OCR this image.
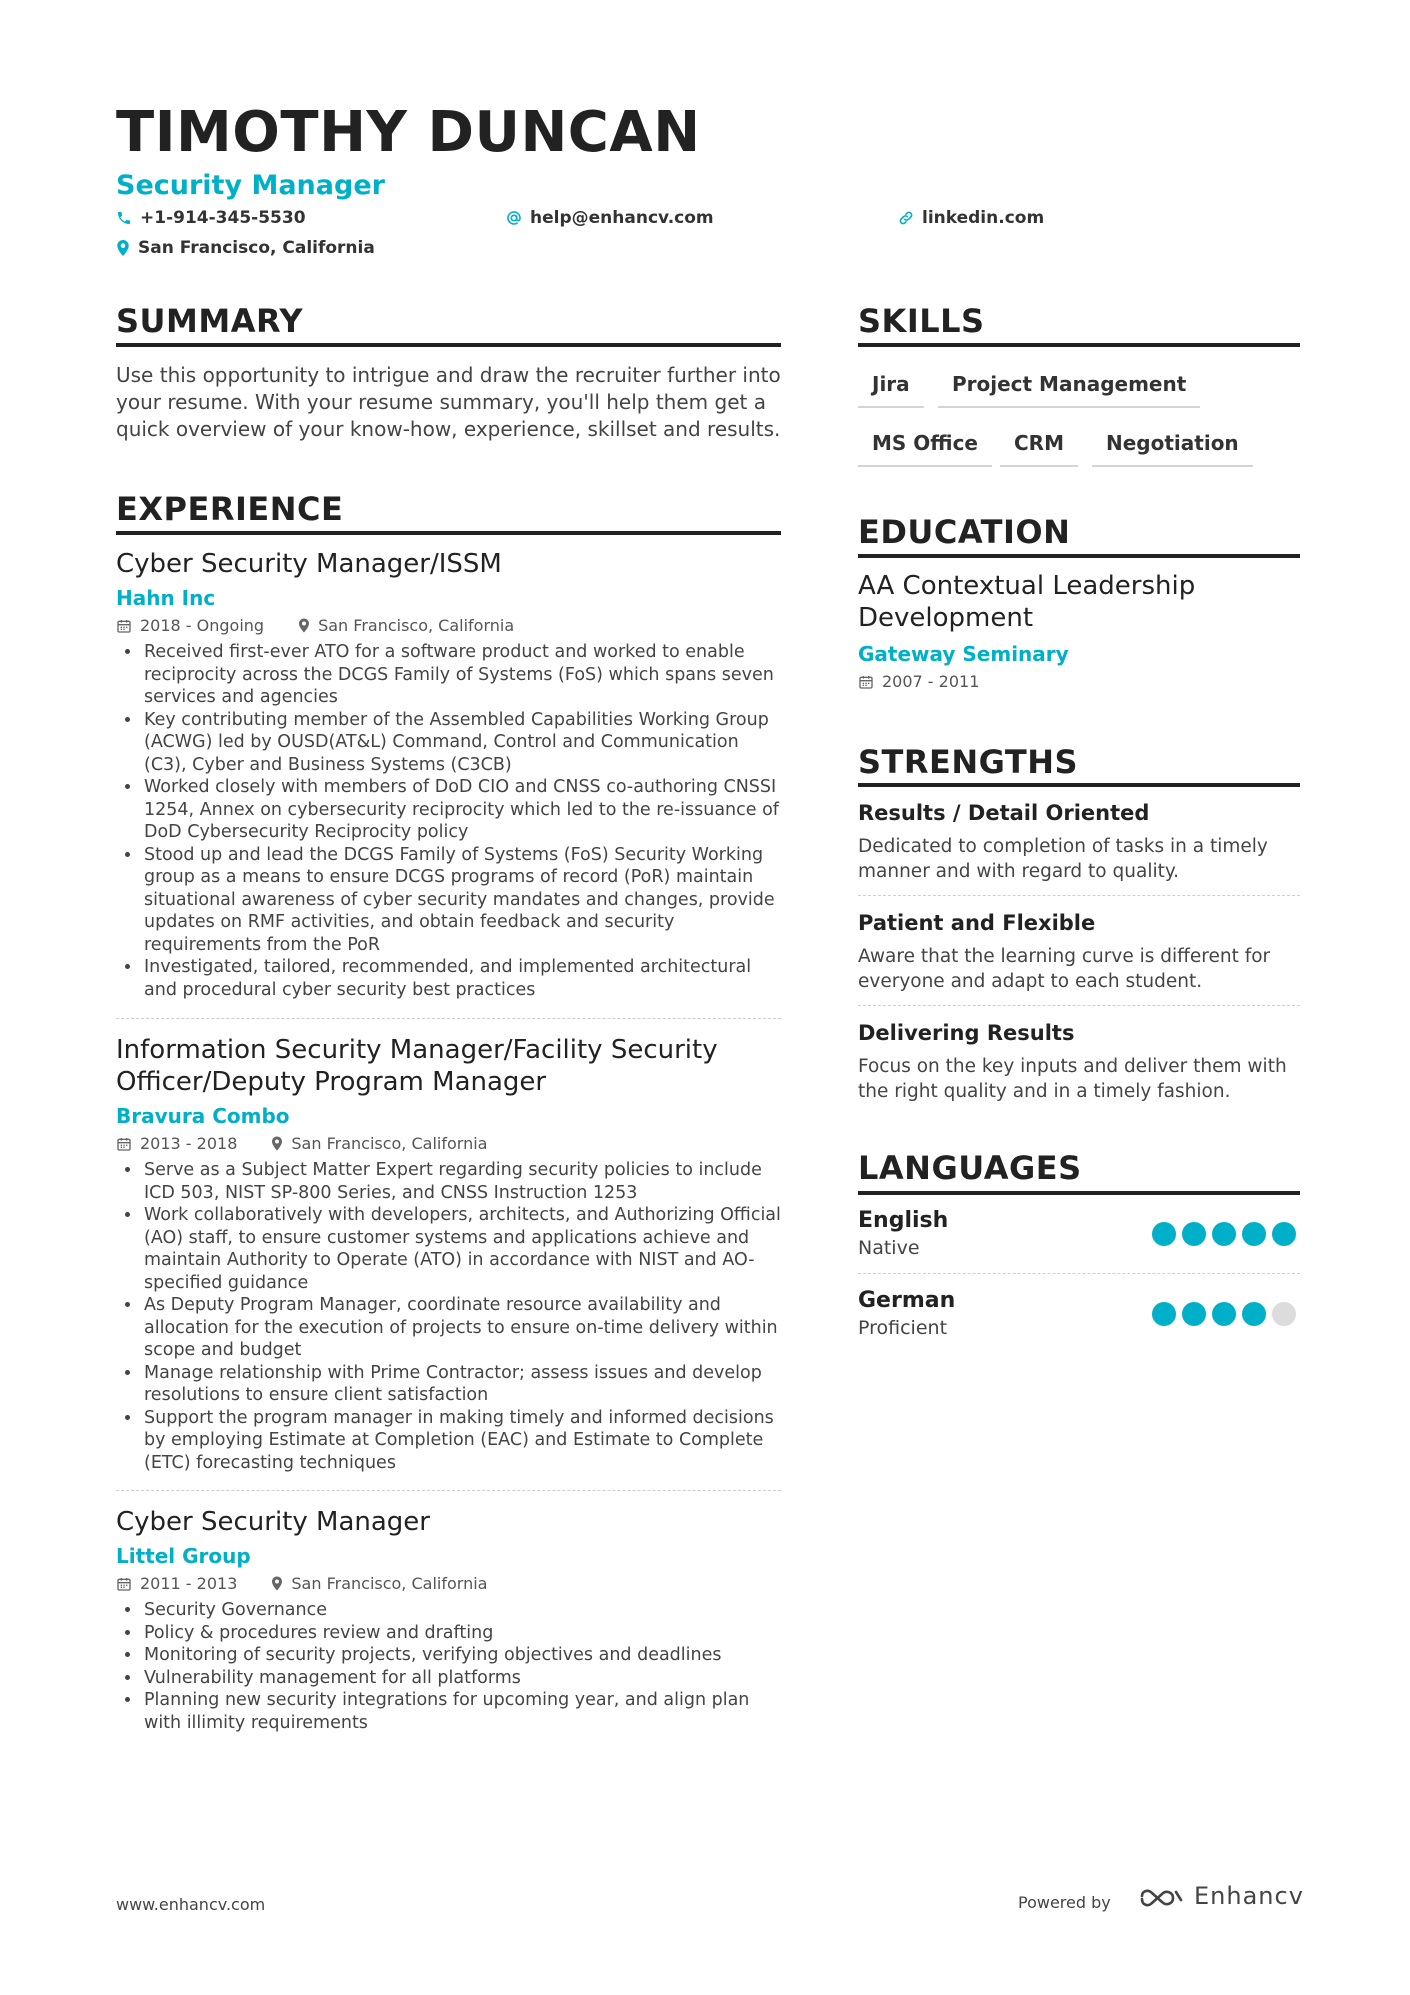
TIMOTHY DUNCAN
Security Manager
+1-914-345-5530	help@enhancv.com	linkedin.com
San Francisco, California
SUMMARY
Use this opportunity to intrigue and draw the recruiter further into your resume. With your resume summary, you'll help them get a quick overview of your know-how, experience, skillset and results.
EXPERIENCE
Cyber Security Manager/ISSM
Hahn Inc
2018 - Ongoing	San Francisco, California
• Received first-ever ATO for a software product and worked to enable reciprocity across the DCGS Family of Systems (FoS) which spans seven services and agencies
• Key contributing member of the Assembled Capabilities Working Group (ACWG) led by OUSD(AT&L) Command, Control and Communication (C3), Cyber and Business Systems (C3CB)
• Worked closely with members of DoD CIO and CNSS co-authoring CNSSI 1254, Annex on cybersecurity reciprocity which led to the re-issuance of DoD Cybersecurity Reciprocity policy
• Stood up and lead the DCGS Family of Systems (FoS) Security Working group as a means to ensure DCGS programs of record (PoR) maintain situational awareness of cyber security mandates and changes, provide updates on RMF activities, and obtain feedback and security requirements from the PoR
• Investigated, tailored, recommended, and implemented architectural and procedural cyber security best practices
Information Security Manager/Facility Security Officer/Deputy Program Manager
Bravura Combo
2013 - 2018	San Francisco, California
• Serve as a Subject Matter Expert regarding security policies to include ICD 503, NIST SP-800 Series, and CNSS Instruction 1253
• Work collaboratively with developers, architects, and Authorizing Official (AO) staff, to ensure customer systems and applications achieve and maintain Authority to Operate (ATO) in accordance with NIST and AO-specified guidance
• As Deputy Program Manager, coordinate resource availability and allocation for the execution of projects to ensure on-time delivery within scope and budget
• Manage relationship with Prime Contractor; assess issues and develop resolutions to ensure client satisfaction
• Support the program manager in making timely and informed decisions by employing Estimate at Completion (EAC) and Estimate to Complete (ETC) forecasting techniques
Cyber Security Manager
Littel Group
2011 - 2013	San Francisco, California
• Security Governance
• Policy & procedures review and drafting
• Monitoring of security projects, verifying objectives and deadlines
• Vulnerability management for all platforms
• Planning new security integrations for upcoming year, and align plan with illimity requirements
SKILLS
Jira	Project Management
MS Office	CRM	Negotiation
EDUCATION
AA Contextual Leadership Development
Gateway Seminary
2007 - 2011
STRENGTHS
Results / Detail Oriented
Dedicated to completion of tasks in a timely manner and with regard to quality.
Patient and Flexible
Aware that the learning curve is different for everyone and adapt to each student.
Delivering Results
Focus on the key inputs and deliver them with the right quality and in a timely fashion.
LANGUAGES
English
Native
German
Proficient
www.enhancv.com	Powered by	Enhancv
